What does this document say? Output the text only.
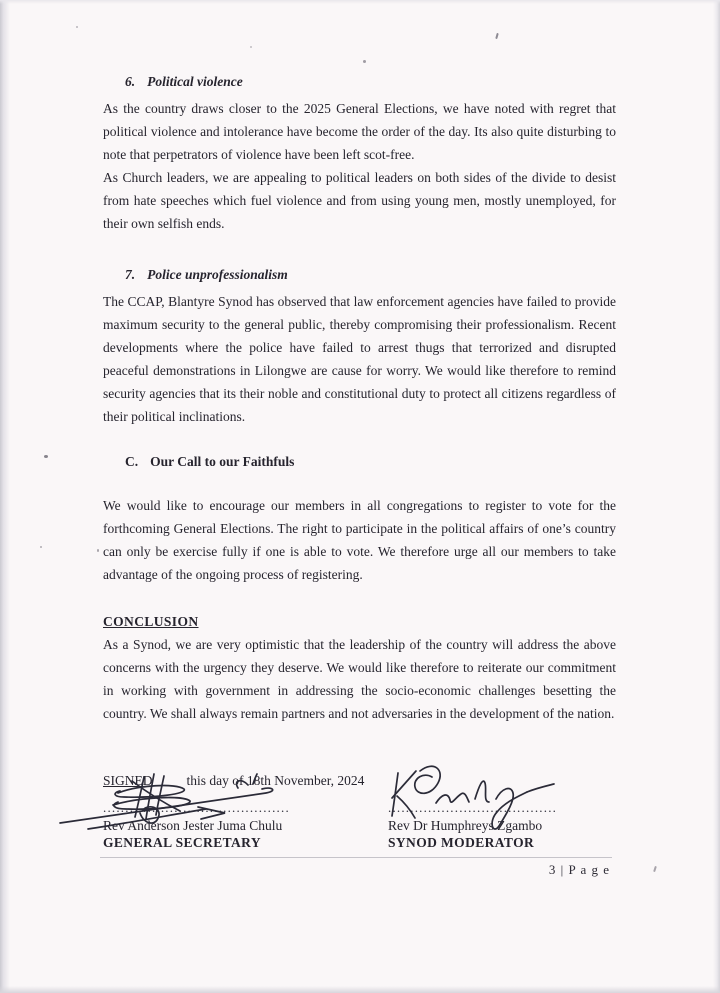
6. Political violence

As the country draws closer to the 2025 General Elections, we have noted with regret that political violence and intolerance have become the order of the day. Its also quite disturbing to note that perpetrators of violence have been left scot-free.

As Church leaders, we are appealing to political leaders on both sides of the divide to desist from hate speeches which fuel violence and from using young men, mostly unemployed, for their own selfish ends.

7. Police unprofessionalism

The CCAP, Blantyre Synod has observed that law enforcement agencies have failed to provide maximum security to the general public, thereby compromising their professionalism. Recent developments where the police have failed to arrest thugs that terrorized and disrupted peaceful demonstrations in Lilongwe are cause for worry. We would like therefore to remind security agencies that its their noble and constitutional duty to protect all citizens regardless of their political inclinations.

C. Our Call to our Faithfuls

We would like to encourage our members in all congregations to register to vote for the forthcoming General Elections. The right to participate in the political affairs of one’s country can only be exercise fully if one is able to vote. We therefore urge all our members to take advantage of the ongoing process of registering.

CONCLUSION

As a Synod, we are very optimistic that the leadership of the country will address the above concerns with the urgency they deserve. We would like therefore to reiterate our commitment in working with government in addressing the socio-economic challenges besetting the country. We shall always remain partners and not adversaries in the development of the nation.

SIGNED	this day of 18th November, 2024
..........................................
Rev Anderson Jester Juma Chulu
GENERAL SECRETARY
......................................
Rev Dr Humphreys Zgambo
SYNOD MODERATOR
3 | P a g e
